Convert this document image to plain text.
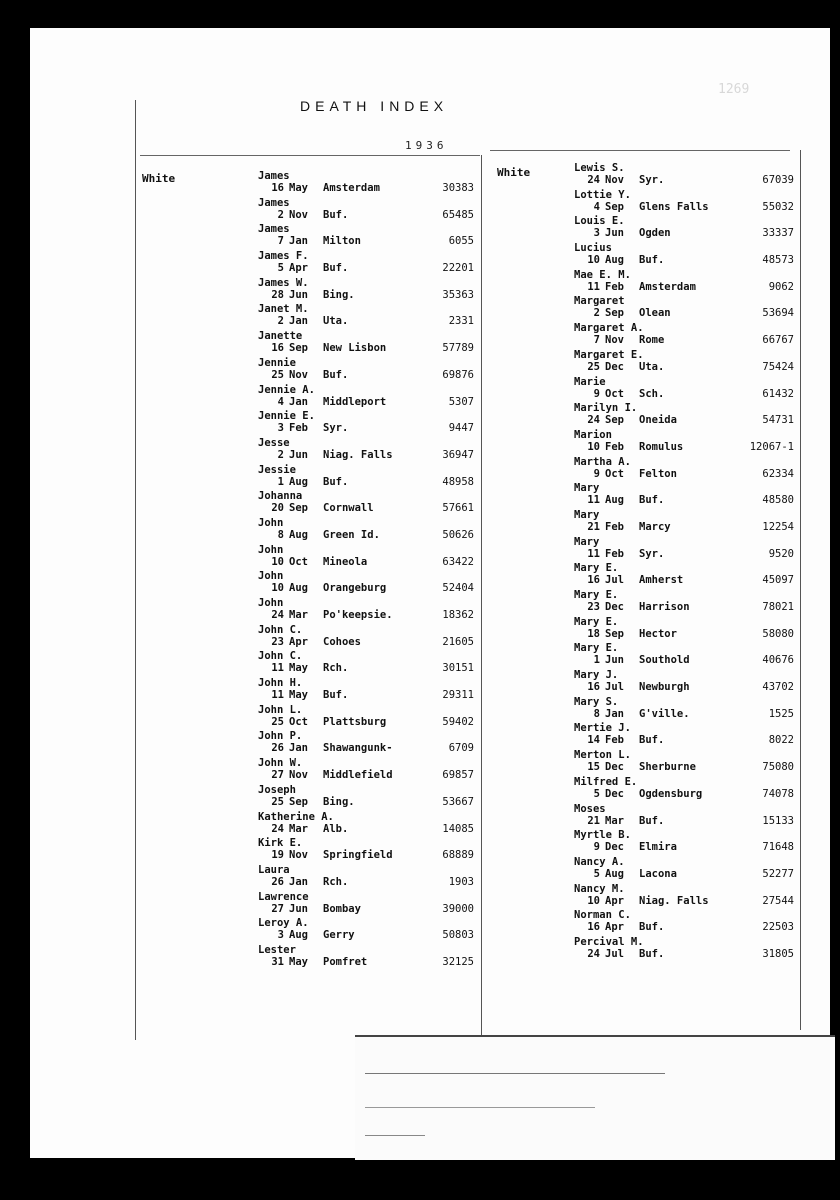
1269
DEATH INDEX
1936
White	White
James
16 May Amsterdam	30383
James
2 Nov Buf.	65485
James
7 Jan Milton	6055
James F.
5 Apr Buf.	22201
James W.
28 Jun Bing.	35363
Janet M.
2 Jan Uta.	2331
Janette
16 Sep New Lisbon	57789
Jennie
25 Nov Buf.	69876
Jennie A.
4 Jan Middleport	5307
Jennie E.
3 Feb Syr.	9447
Jesse
2 Jun Niag. Falls	36947
Jessie
1 Aug Buf.	48958
Johanna
20 Sep Cornwall	57661
John
8 Aug Green Id.	50626
John
10 Oct Mineola	63422
John
10 Aug Orangeburg	52404
John
24 Mar Po'keepsie.	18362
John C.
23 Apr Cohoes	21605
John C.
11 May Rch.	30151
John H.
11 May Buf.	29311
John L.
25 Oct Plattsburg	59402
John P.
26 Jan Shawangunk-	6709
John W.
27 Nov Middlefield	69857
Joseph
25 Sep Bing.	53667
Katherine A.
24 Mar Alb.	14085
Kirk E.
19 Nov Springfield	68889
Laura
26 Jan Rch.	1903
Lawrence
27 Jun Bombay	39000
Leroy A.
3 Aug Gerry	50803
Lester
31 May Pomfret	32125
Lewis S.
24 Nov Syr.	67039
Lottie Y.
4 Sep Glens Falls	55032
Louis E.
3 Jun Ogden	33337
Lucius
10 Aug Buf.	48573
Mae E. M.
11 Feb Amsterdam	9062
Margaret
2 Sep Olean	53694
Margaret A.
7 Nov Rome	66767
Margaret E.
25 Dec Uta.	75424
Marie
9 Oct Sch.	61432
Marilyn I.
24 Sep Oneida	54731
Marion
10 Feb Romulus	12067-1
Martha A.
9 Oct Felton	62334
Mary
11 Aug Buf.	48580
Mary
21 Feb Marcy	12254
Mary
11 Feb Syr.	9520
Mary E.
16 Jul Amherst	45097
Mary E.
23 Dec Harrison	78021
Mary E.
18 Sep Hector	58080
Mary E.
1 Jun Southold	40676
Mary J.
16 Jul Newburgh	43702
Mary S.
8 Jan G'ville.	1525
Mertie J.
14 Feb Buf.	8022
Merton L.
15 Dec Sherburne	75080
Milfred E.
5 Dec Ogdensburg	74078
Moses
21 Mar Buf.	15133
Myrtle B.
9 Dec Elmira	71648
Nancy A.
5 Aug Lacona	52277
Nancy M.
10 Apr Niag. Falls	27544
Norman C.
16 Apr Buf.	22503
Percival M.
24 Jul Buf.	31805
